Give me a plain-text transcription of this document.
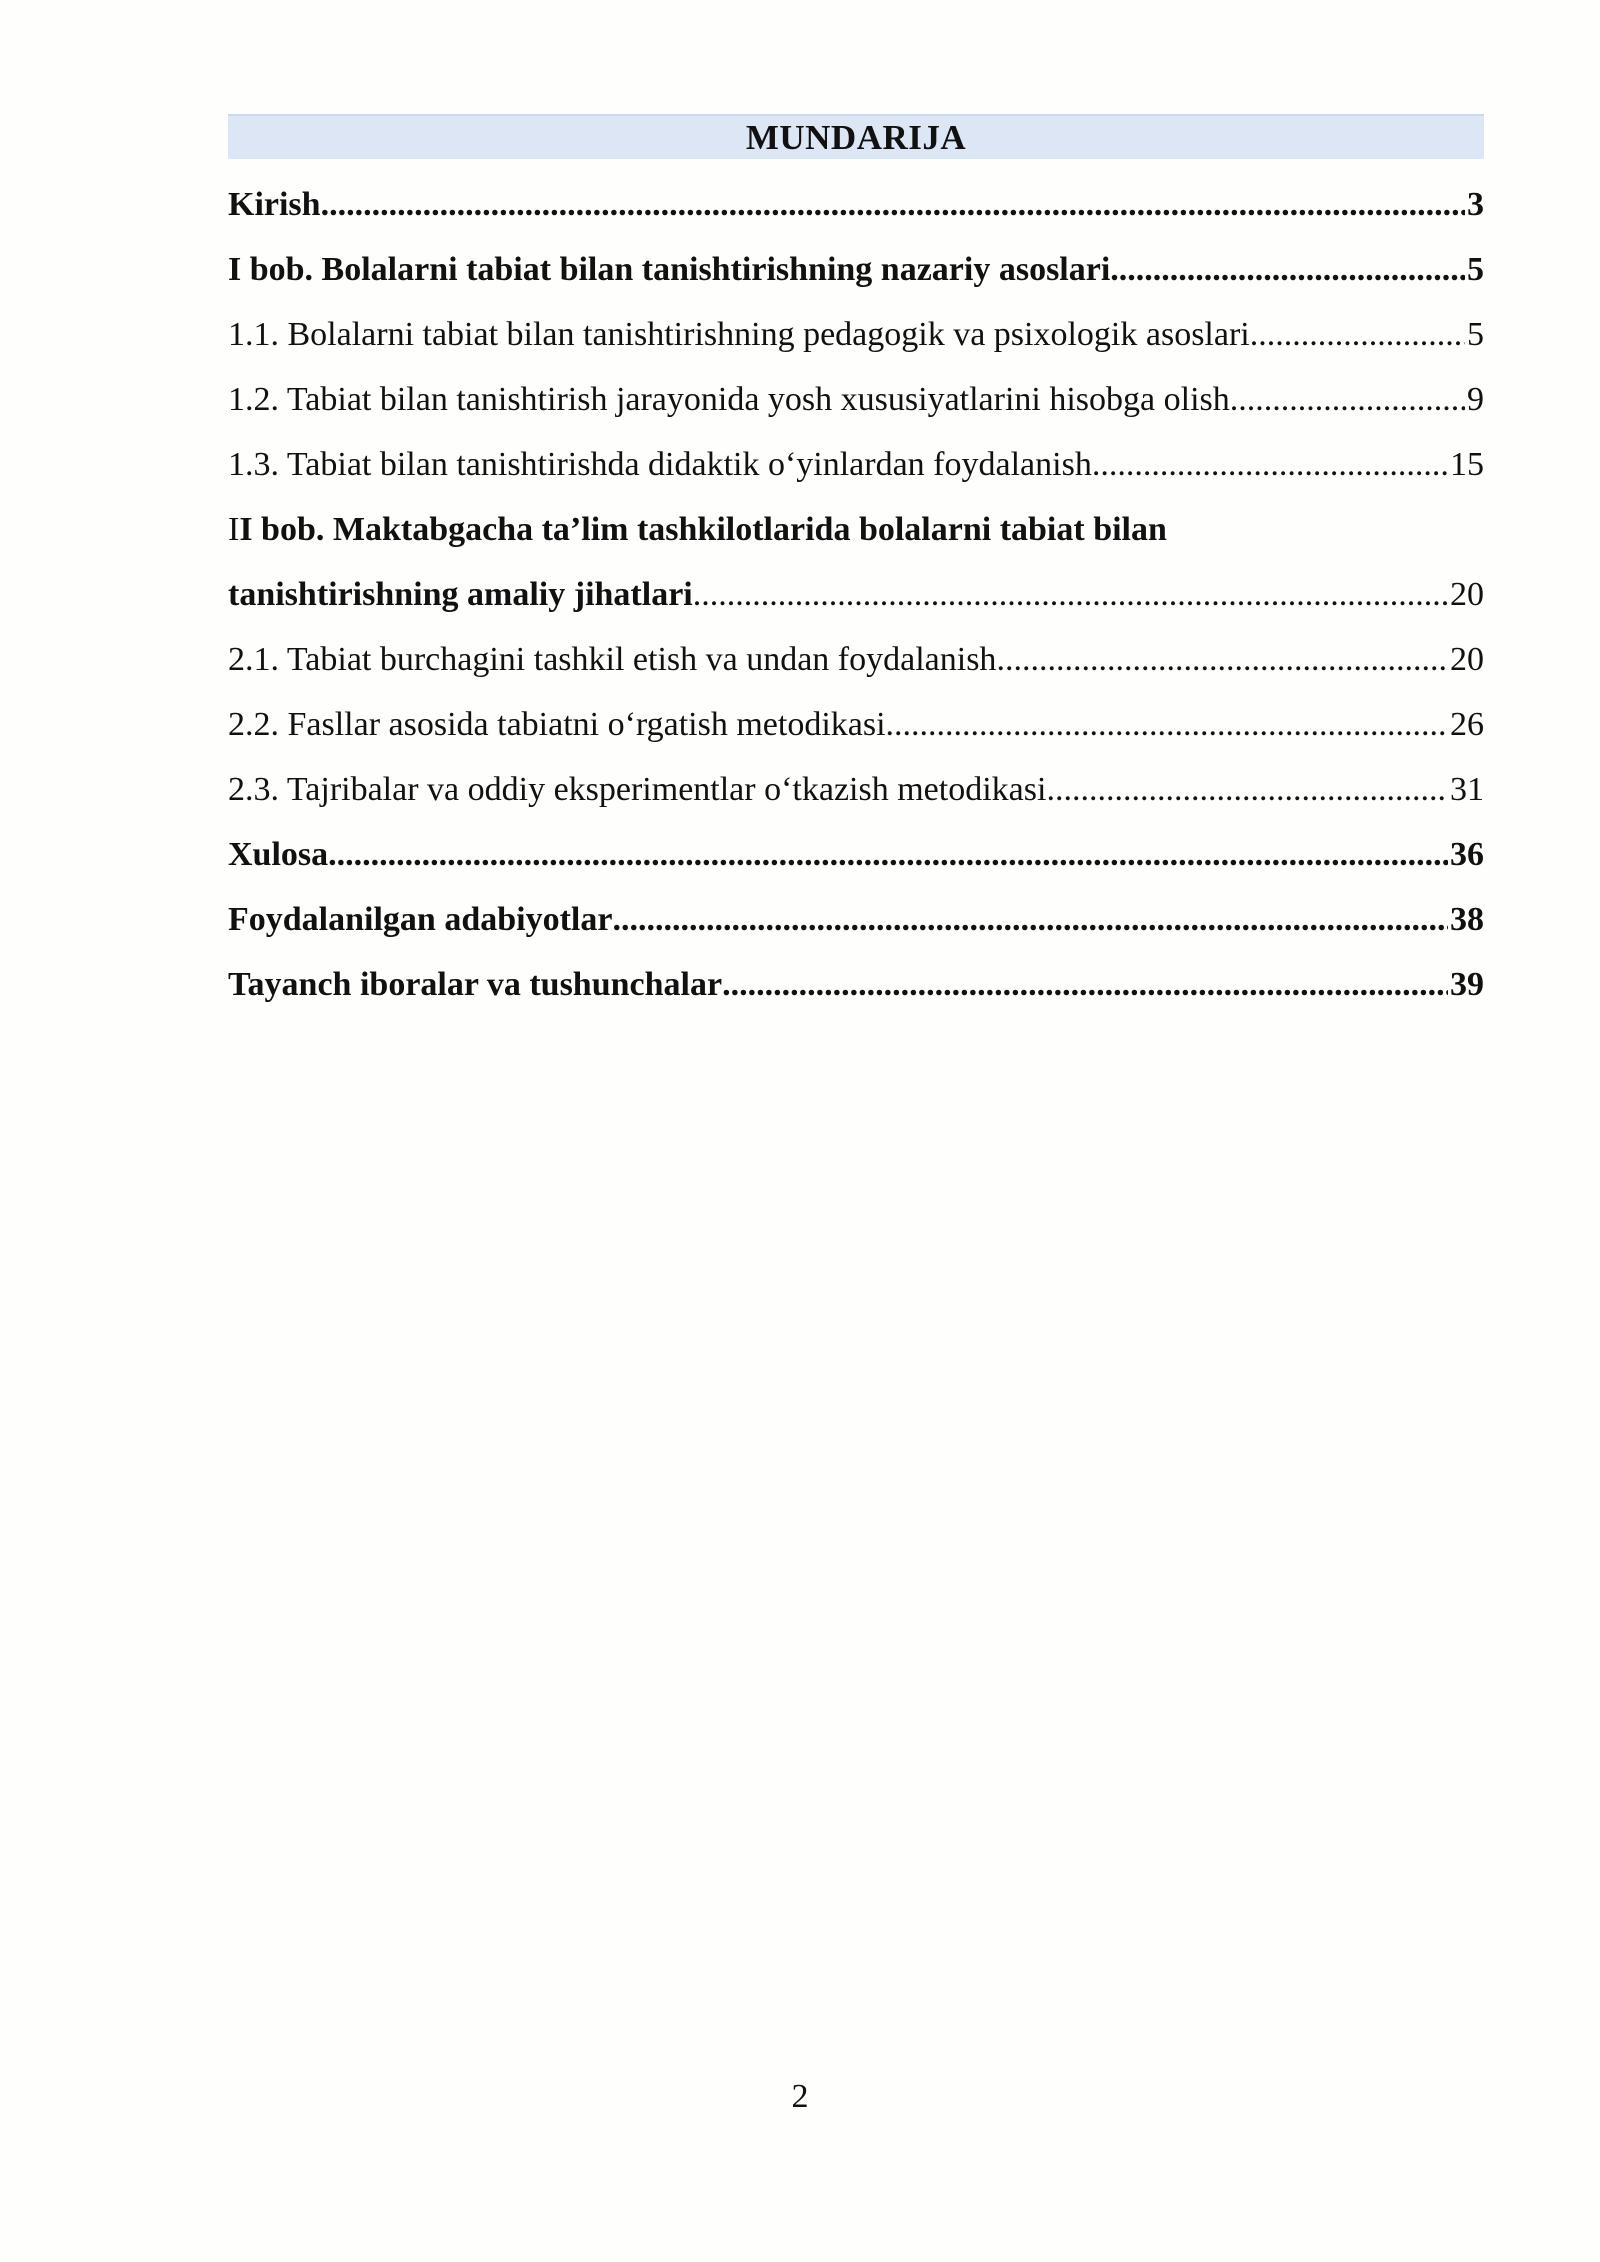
MUNDARIJA
Kirish .....	3
I bob. Bolalarni tabiat bilan tanishtirishning nazariy asoslari .....	5
1.1. Bolalarni tabiat bilan tanishtirishning pedagogik va psixologik asoslari .....	5
1.2. Tabiat bilan tanishtirish jarayonida yosh xususiyatlarini hisobga olish .....	9
1.3. Tabiat bilan tanishtirishda didaktik o‘yinlardan foydalanish .....	15
II bob. Maktabgacha ta’lim tashkilotlarida bolalarni tabiat bilan
tanishtirishning amaliy jihatlari .....	20
2.1. Tabiat burchagini tashkil etish va undan foydalanish .....	20
2.2. Fasllar asosida tabiatni o‘rgatish metodikasi .....	26
2.3. Tajribalar va oddiy eksperimentlar o‘tkazish metodikasi .....	31
Xulosa .....	36
Foydalanilgan adabiyotlar .....	38
Tayanch iboralar va tushunchalar .....	39
2
